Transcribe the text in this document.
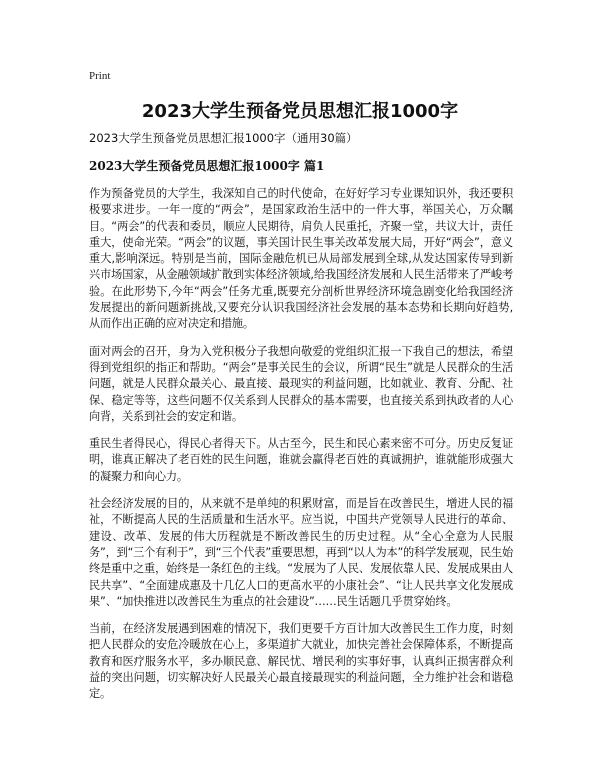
Print
2023大学生预备党员思想汇报1000字
2023大学生预备党员思想汇报1000字（通用30篇）
2023大学生预备党员思想汇报1000字 篇1

作为预备党员的大学生，我深知自己的时代使命，在好好学习专业课知识外，我还要积极要求进步。一年一度的“两会”，是国家政治生活中的一件大事，举国关心，万众瞩目。“两会”的代表和委员，顺应人民期待，肩负人民重托，齐聚一堂，共议大计，责任重大，使命光荣。“两会”的议题，事关国计民生事关改革发展大局，开好“两会”，意义重大,影响深远。特别是当前，国际金融危机已从局部发展到全球,从发达国家传导到新兴市场国家，从金融领域扩散到实体经济领域,给我国经济发展和人民生活带来了严峻考验。在此形势下,今年“两会”任务尤重,既要充分剖析世界经济环境急剧变化给我国经济发展提出的新问题新挑战,又要充分认识我国经济社会发展的基本态势和长期向好趋势,从而作出正确的应对决定和措施。

面对两会的召开，身为入党积极分子我想向敬爱的党组织汇报一下我自己的想法，希望得到党组织的指正和帮助。“两会”是事关民生的会议，所谓“民生”就是人民群众的生活问题，就是人民群众最关心、最直接、最现实的利益问题，比如就业、教育、分配、社保、稳定等等，这些问题不仅关系到人民群众的基本需要，也直接关系到执政者的人心向背，关系到社会的安定和谐。

重民生者得民心，得民心者得天下。从古至今，民生和民心素来密不可分。历史反复证明，谁真正解决了老百姓的民生问题，谁就会赢得老百姓的真诚拥护，谁就能形成强大的凝聚力和向心力。

社会经济发展的目的，从来就不是单纯的积累财富，而是旨在改善民生，增进人民的福祉，不断提高人民的生活质量和生活水平。应当说，中国共产党领导人民进行的革命、建设、改革、发展的伟大历程就是不断改善民生的历史过程。从“全心全意为人民服务”，到“三个有利于”，到“三个代表”重要思想，再到“以人为本”的科学发展观，民生始终是重中之重，始终是一条红色的主线。“发展为了人民、发展依靠人民、发展成果由人民共享”、“全面建成惠及十几亿人口的更高水平的小康社会”、“让人民共享文化发展成果”、“加快推进以改善民生为重点的社会建设”……民生话题几乎贯穿始终。

当前，在经济发展遇到困难的情况下，我们更要千方百计加大改善民生工作力度，时刻把人民群众的安危冷暖放在心上，多渠道扩大就业，加快完善社会保障体系，不断提高教育和医疗服务水平，多办顺民意、解民忧、增民利的实事好事，认真纠正损害群众利益的突出问题，切实解决好人民最关心最直接最现实的利益问题，全力维护社会和谐稳定。
